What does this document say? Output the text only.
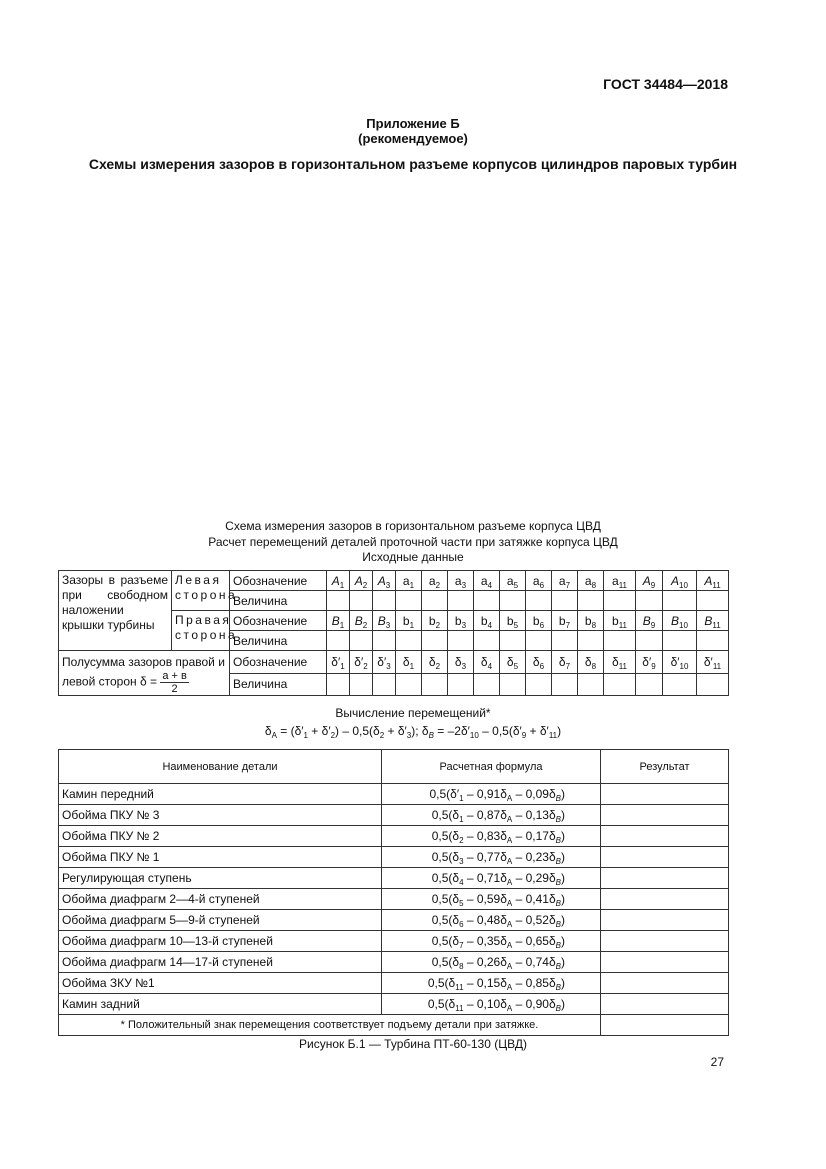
ГОСТ 34484—2018
Приложение Б
(рекомендуемое)
Схемы измерения зазоров в горизонтальном разъеме корпусов цилиндров паровых турбин
Схема измерения зазоров в горизонтальном разъеме корпуса ЦВД
Расчет перемещений деталей проточной части при затяжке корпуса ЦВД
Исходные данные
Зазоры в разъеме при свободном наложении крышки турбины	Левая сторона	Обозначение	$A_1$	$A_2$	$A_3$	$a_1$	$a_2$	$a_3$	$a_4$	$a_5$	$a_6$	$a_7$	$a_8$	$a_{11}$	$A_9$	$A_{10}$	$A_{11}$
		Величина															
	Правая сторона	Обозначение	$B_1$	$B_2$	$B_3$	$b_1$	$b_2$	$b_3$	$b_4$	$b_5$	$b_6$	$b_7$	$b_8$	$b_{11}$	$B_9$	$B_{10}$	$B_{11}$
		Величина															
Полусумма зазоров правой и
левой сторон $\delta = \frac{а + в}{2}$		Обозначение	$\delta'_1$	$\delta'_2$	$\delta'_3$	$\delta_1$	$\delta_2$	$\delta_3$	$\delta_4$	$\delta_5$	$\delta_6$	$\delta_7$	$\delta_8$	$\delta_{11}$	$\delta'_9$	$\delta'_{10}$	$\delta'_{11}$
		Величина															
Вычисление перемещений*
$\delta_A = (\delta'_1 + \delta'_2) - 0,5(\delta_2 + \delta'_3)$; $\delta_B = -2\delta'_{10} - 0,5(\delta'_9 + \delta'_{11})$
Наименование детали	Расчетная формула	Результат
Камин передний	$0,5(\delta'_1 - 0,91\delta_A - 0,09\delta_B)$	
Обойма ПКУ № 3	$0,5(\delta_1 - 0,87\delta_A - 0,13\delta_B)$	
Обойма ПКУ № 2	$0,5(\delta_2 - 0,83\delta_A - 0,17\delta_B)$	
Обойма ПКУ № 1	$0,5(\delta_3 - 0,77\delta_A - 0,23\delta_B)$	
Регулирующая ступень	$0,5(\delta_4 - 0,71\delta_A - 0,29\delta_B)$	
Обойма диафрагм 2—4-й ступеней	$0,5(\delta_5 - 0,59\delta_A - 0,41\delta_B)$	
Обойма диафрагм 5—9-й ступеней	$0,5(\delta_6 - 0,48\delta_A - 0,52\delta_B)$	
Обойма диафрагм 10—13-й ступеней	$0,5(\delta_7 - 0,35\delta_A - 0,65\delta_B)$	
Обойма диафрагм 14—17-й ступеней	$0,5(\delta_8 - 0,26\delta_A - 0,74\delta_B)$	
Обойма ЗКУ №1	$0,5(\delta_{11} - 0,15\delta_A - 0,85\delta_B)$	
Камин задний	$0,5(\delta_{11} - 0,10\delta_A - 0,90\delta_B)$	
* Положительный знак перемещения соответствует подъему детали при затяжке.		
Рисунок Б.1 — Турбина ПТ-60-130 (ЦВД)
27
